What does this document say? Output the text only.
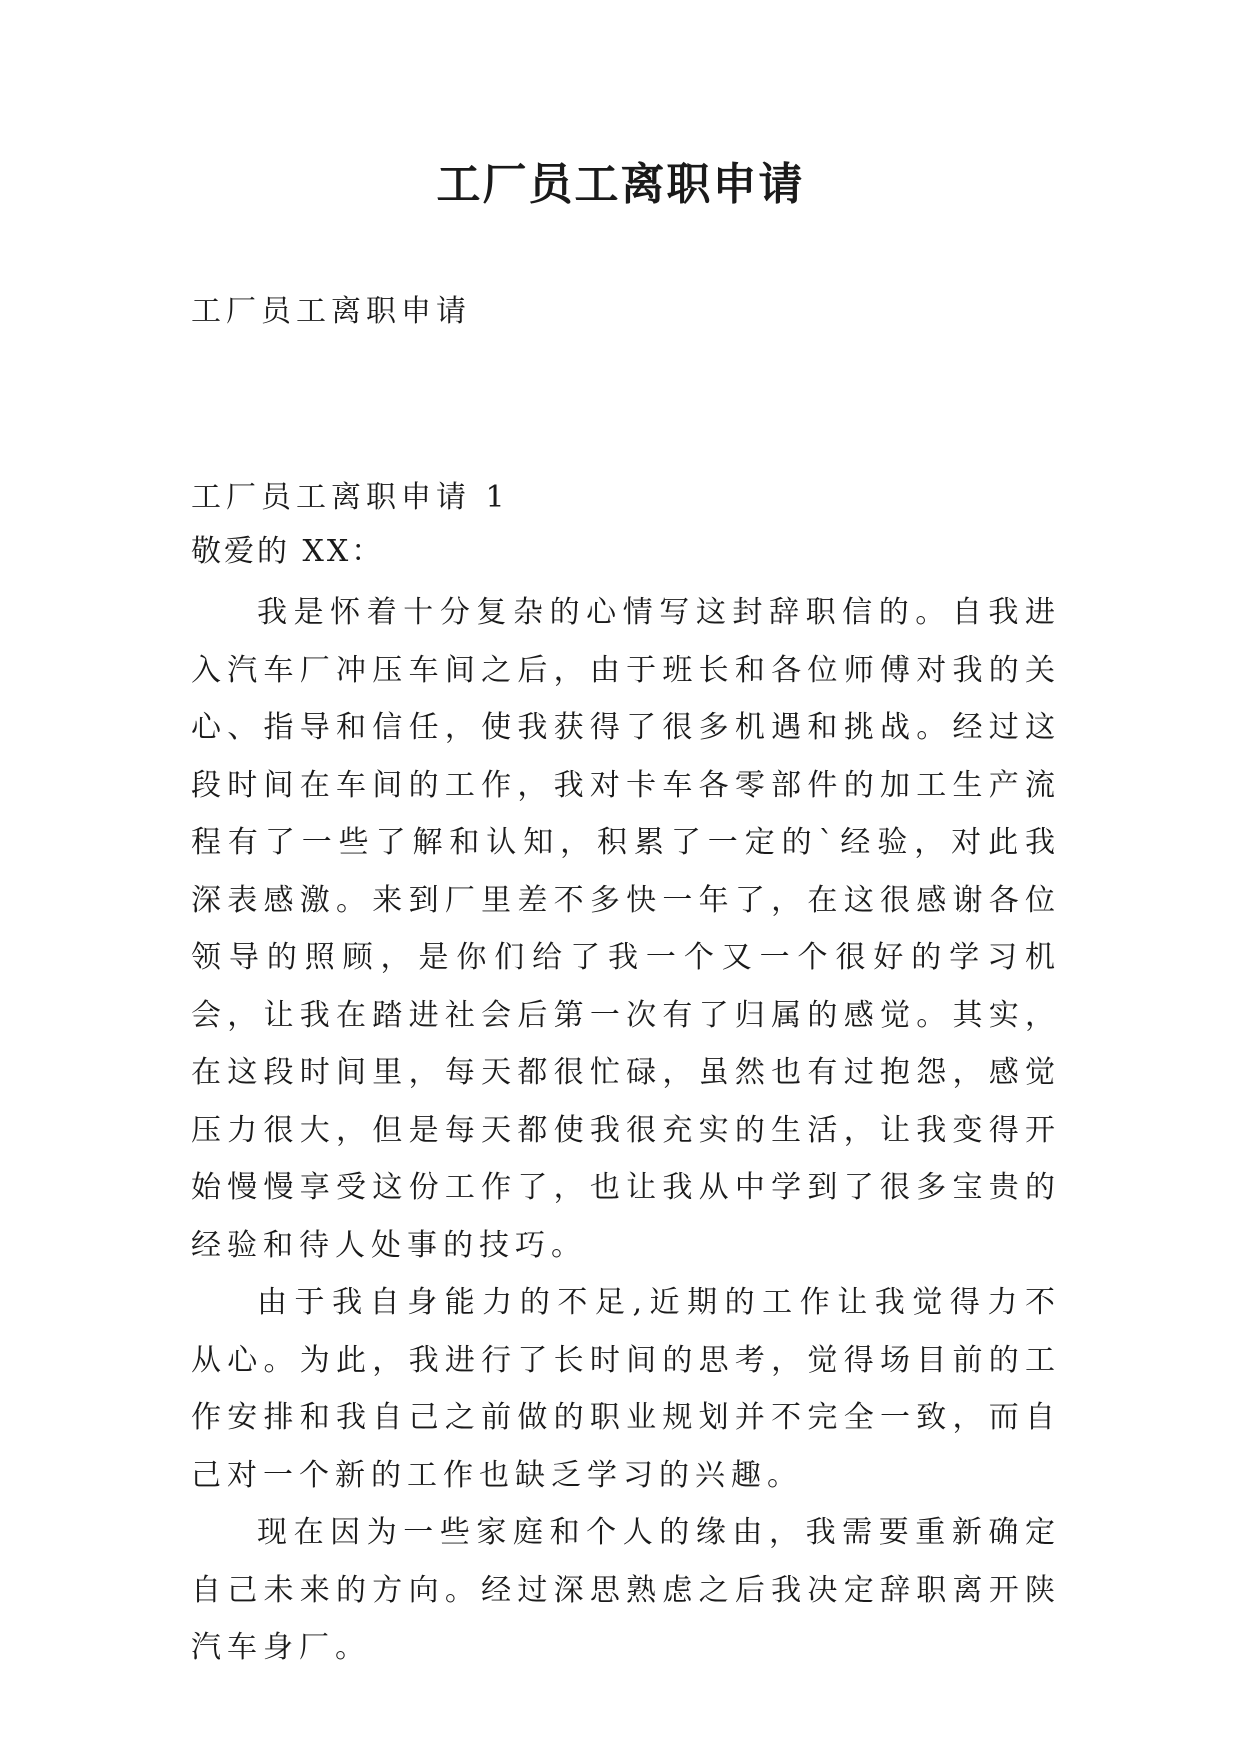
工厂员工离职申请
工厂员工离职申请
工厂员工离职申请 1
敬爱的 XX：

我是怀着十分复杂的心情写这封辞职信的。自我进入汽车厂冲压车间之后，由于班长和各位师傅对我的关心、指导和信任，使我获得了很多机遇和挑战。经过这段时间在车间的工作，我对卡车各零部件的加工生产流程有了一些了解和认知，积累了一定的`经验，对此我深表感激。来到厂里差不多快一年了，在这很感谢各位领导的照顾，是你们给了我一个又一个很好的学习机会，让我在踏进社会后第一次有了归属的感觉。其实，在这段时间里，每天都很忙碌，虽然也有过抱怨，感觉压力很大，但是每天都使我很充实的生活，让我变得开始慢慢享受这份工作了，也让我从中学到了很多宝贵的经验和待人处事的技巧。

由于我自身能力的不足,近期的工作让我觉得力不从心。为此，我进行了长时间的思考，觉得场目前的工作安排和我自己之前做的职业规划并不完全一致，而自己对一个新的工作也缺乏学习的兴趣。

现在因为一些家庭和个人的缘由，我需要重新确定自己未来的方向。经过深思熟虑之后我决定辞职离开陕汽车身厂。
